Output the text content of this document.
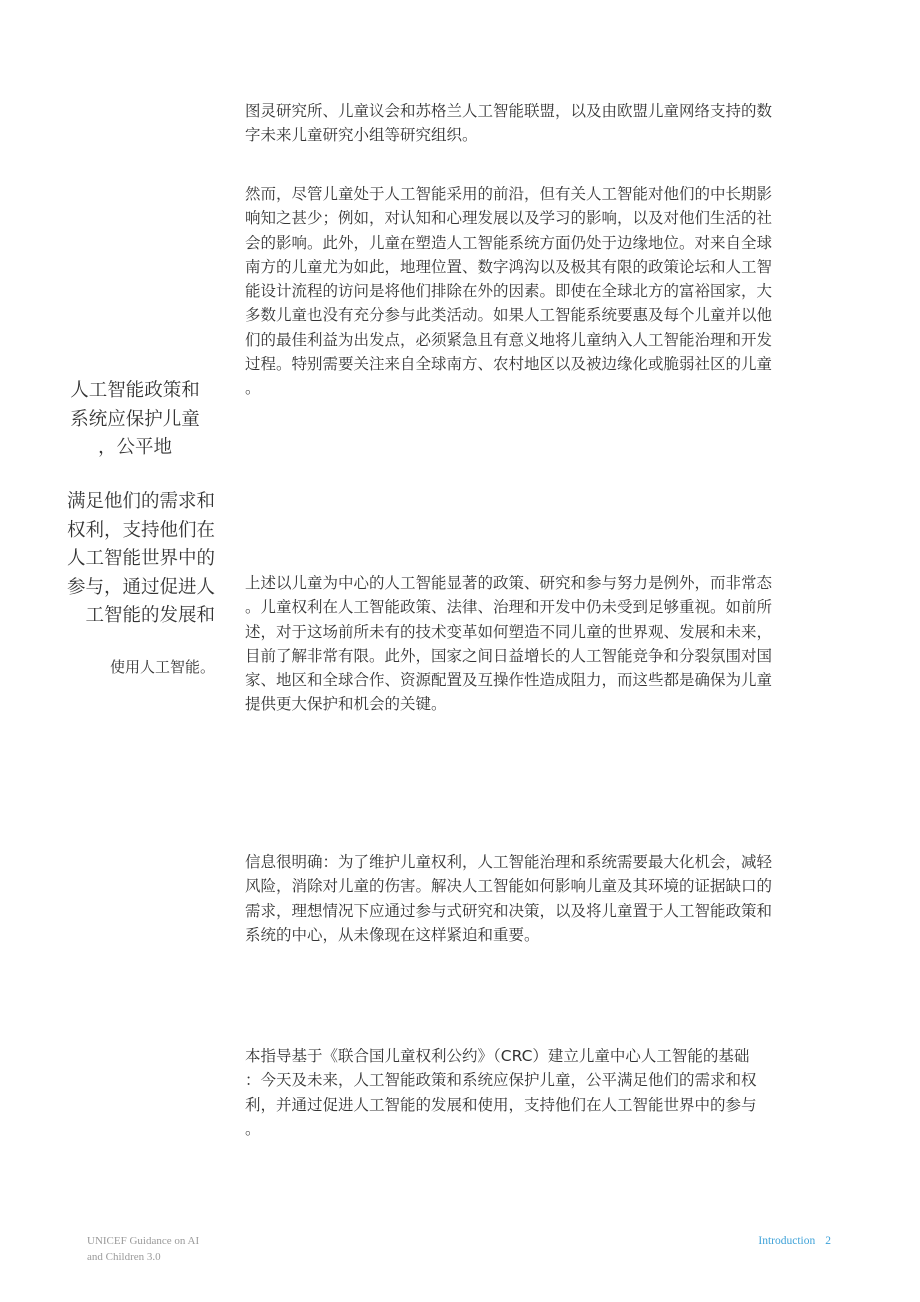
图灵研究所、儿童议会和苏格兰人工智能联盟，以及由欧盟儿童网络支持的数
字未来儿童研究小组等研究组织。

然而，尽管儿童处于人工智能采用的前沿，但有关人工智能对他们的中长期影
响知之甚少；例如，对认知和心理发展以及学习的影响，以及对他们生活的社
会的影响。此外，儿童在塑造人工智能系统方面仍处于边缘地位。对来自全球
南方的儿童尤为如此，地理位置、数字鸿沟以及极其有限的政策论坛和人工智
能设计流程的访问是将他们排除在外的因素。即使在全球北方的富裕国家，大
多数儿童也没有充分参与此类活动。如果人工智能系统要惠及每个儿童并以他
们的最佳利益为出发点，必须紧急且有意义地将儿童纳入人工智能治理和开发
过程。特别需要关注来自全球南方、农村地区以及被边缘化或脆弱社区的儿童
。

上述以儿童为中心的人工智能显著的政策、研究和参与努力是例外，而非常态
。儿童权利在人工智能政策、法律、治理和开发中仍未受到足够重视。如前所
述，对于这场前所未有的技术变革如何塑造不同儿童的世界观、发展和未来，
目前了解非常有限。此外，国家之间日益增长的人工智能竞争和分裂氛围对国
家、地区和全球合作、资源配置及互操作性造成阻力，而这些都是确保为儿童
提供更大保护和机会的关键。

信息很明确：为了维护儿童权利，人工智能治理和系统需要最大化机会，减轻
风险，消除对儿童的伤害。解决人工智能如何影响儿童及其环境的证据缺口的
需求，理想情况下应通过参与式研究和决策，以及将儿童置于人工智能政策和
系统的中心，从未像现在这样紧迫和重要。

本指导基于《联合国儿童权利公约》（CRC）建立儿童中心人工智能的基础
：今天及未来，人工智能政策和系统应保护儿童，公平满足他们的需求和权
利，并通过促进人工智能的发展和使用，支持他们在人工智能世界中的参与
。

人工智能政策和
系统应保护儿童
，公平地

满足他们的需求和
权利，支持他们在
人工智能世界中的
参与，通过促进人
工智能的发展和

使用人工智能。

UNICEF Guidance on AI
and Children 3.0
Introduction 2
